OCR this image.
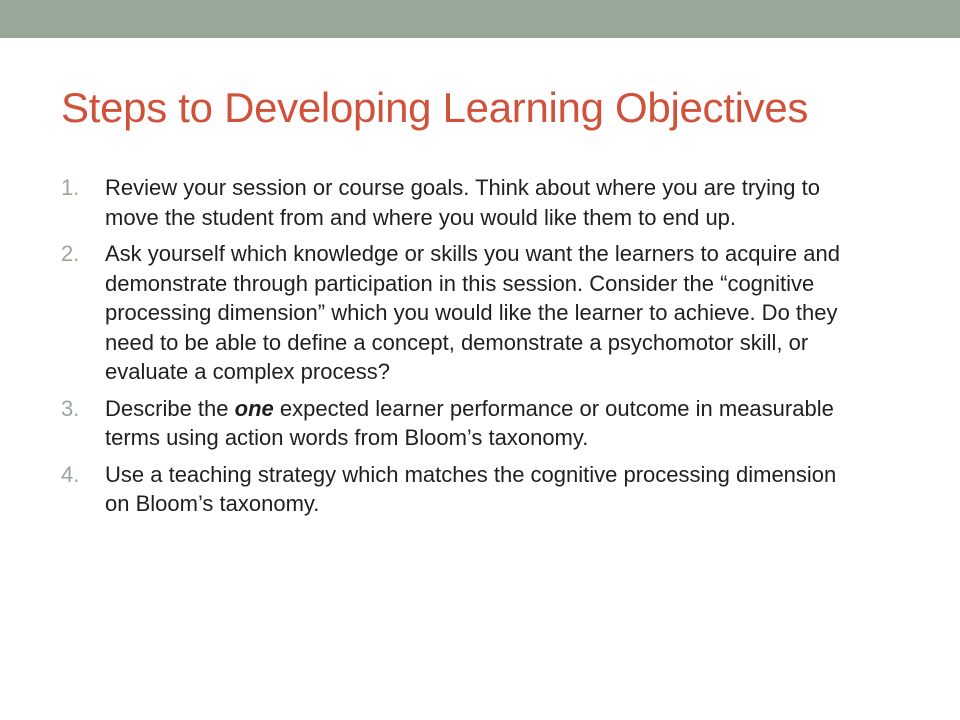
Steps to Developing Learning Objectives
1. Review your session or course goals. Think about where you are trying to move the student from and where you would like them to end up.
2. Ask yourself which knowledge or skills you want the learners to acquire and demonstrate through participation in this session. Consider the “cognitive processing dimension” which you would like the learner to achieve. Do they need to be able to define a concept, demonstrate a psychomotor skill, or evaluate a complex process?
3. Describe the one expected learner performance or outcome in measurable terms using action words from Bloom’s taxonomy.
4. Use a teaching strategy which matches the cognitive processing dimension on Bloom’s taxonomy.
